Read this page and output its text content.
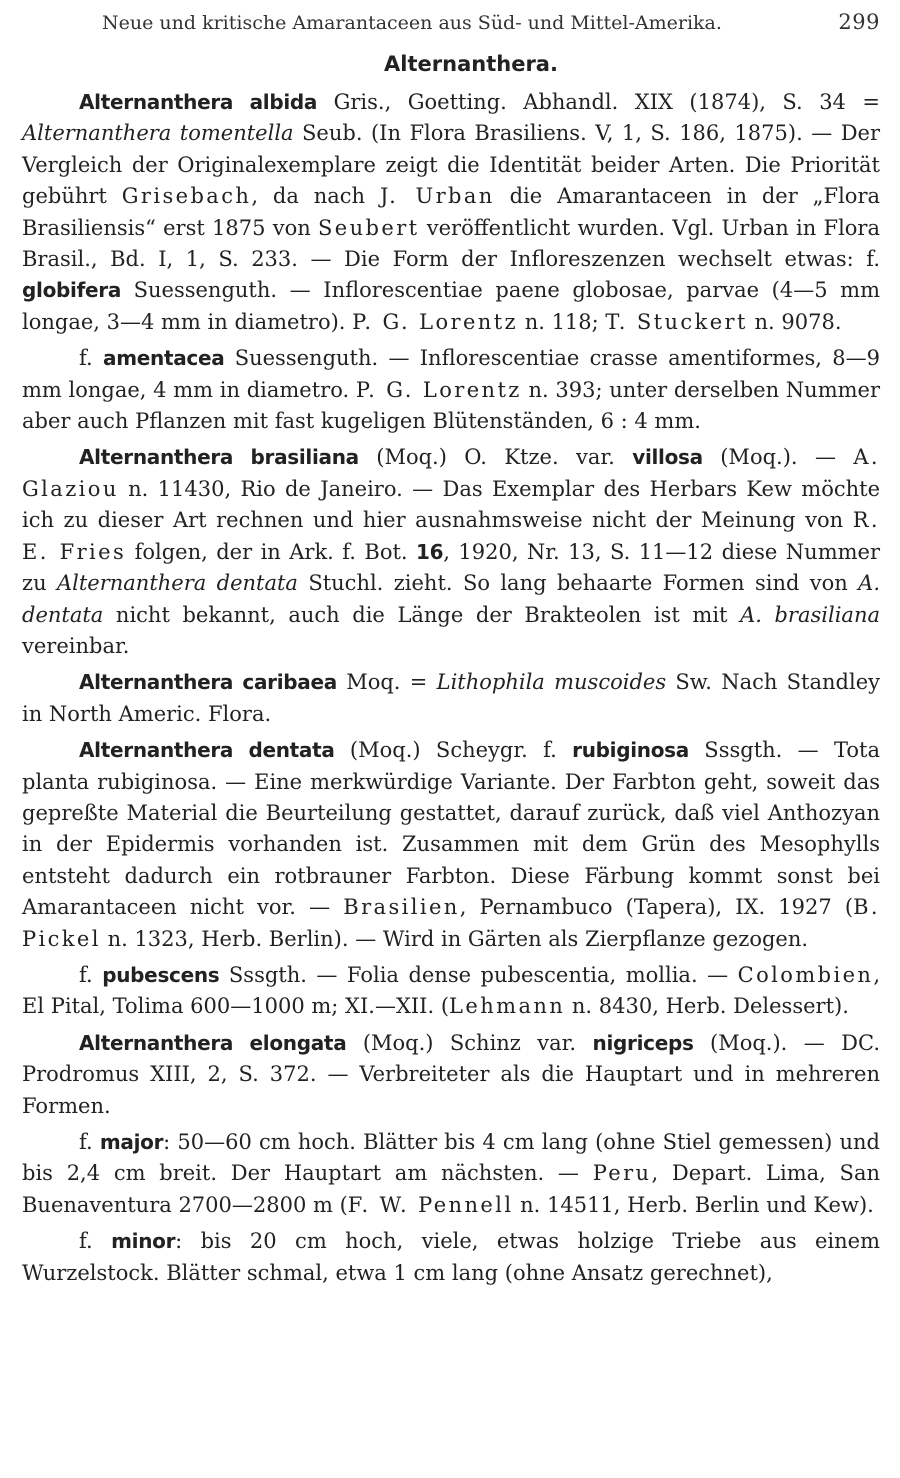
Neue und kritische Amarantaceen aus Süd- und Mittel-Amerika.	299
Alternanthera.

Alternanthera albida Gris., Goetting. Abhandl. XIX (1874), S. 34 = Alternanthera tomentella Seub. (In Flora Brasiliens. V, 1, S. 186, 1875). — Der Vergleich der Originalexemplare zeigt die Identität beider Arten. Die Priorität gebührt Grisebach, da nach J. Urban die Amarantaceen in der „Flora Brasiliensis“ erst 1875 von Seubert veröffentlicht wurden. Vgl. Urban in Flora Brasil., Bd. I, 1, S. 233. — Die Form der Infloreszenzen wechselt etwas: f. globifera Suessenguth. — Inflorescentiae paene globosae, parvae (4—5 mm longae, 3—4 mm in diametro). P. G. Lorentz n. 118; T. Stuckert n. 9078.

f. amentacea Suessenguth. — Inflorescentiae crasse amentiformes, 8—9 mm longae, 4 mm in diametro. P. G. Lorentz n. 393; unter derselben Nummer aber auch Pflanzen mit fast kugeligen Blütenständen, 6 : 4 mm.

Alternanthera brasiliana (Moq.) O. Ktze. var. villosa (Moq.). — A. Glaziou n. 11430, Rio de Janeiro. — Das Exemplar des Herbars Kew möchte ich zu dieser Art rechnen und hier ausnahmsweise nicht der Meinung von R. E. Fries folgen, der in Ark. f. Bot. 16, 1920, Nr. 13, S. 11—12 diese Nummer zu Alternanthera dentata Stuchl. zieht. So lang behaarte Formen sind von A. dentata nicht bekannt, auch die Länge der Brakteolen ist mit A. brasiliana vereinbar.

Alternanthera caribaea Moq. = Lithophila muscoides Sw. Nach Standley in North Americ. Flora.

Alternanthera dentata (Moq.) Scheygr. f. rubiginosa Sssgth. — Tota planta rubiginosa. — Eine merkwürdige Variante. Der Farbton geht, soweit das gepreßte Material die Beurteilung gestattet, darauf zurück, daß viel Anthozyan in der Epidermis vorhanden ist. Zusammen mit dem Grün des Mesophylls entsteht dadurch ein rotbrauner Farbton. Diese Färbung kommt sonst bei Amarantaceen nicht vor. — Brasilien, Pernambuco (Tapera), IX. 1927 (B. Pickel n. 1323, Herb. Berlin). — Wird in Gärten als Zierpflanze gezogen.

f. pubescens Sssgth. — Folia dense pubescentia, mollia. — Colombien, El Pital, Tolima 600—1000 m; XI.—XII. (Lehmann n. 8430, Herb. Delessert).

Alternanthera elongata (Moq.) Schinz var. nigriceps (Moq.). — DC. Prodromus XIII, 2, S. 372. — Verbreiteter als die Hauptart und in mehreren Formen.

f. major: 50—60 cm hoch. Blätter bis 4 cm lang (ohne Stiel gemessen) und bis 2,4 cm breit. Der Hauptart am nächsten. — Peru, Depart. Lima, San Buenaventura 2700—2800 m (F. W. Pennell n. 14511, Herb. Berlin und Kew).

f. minor: bis 20 cm hoch, viele, etwas holzige Triebe aus einem Wurzelstock. Blätter schmal, etwa 1 cm lang (ohne Ansatz gerechnet),
